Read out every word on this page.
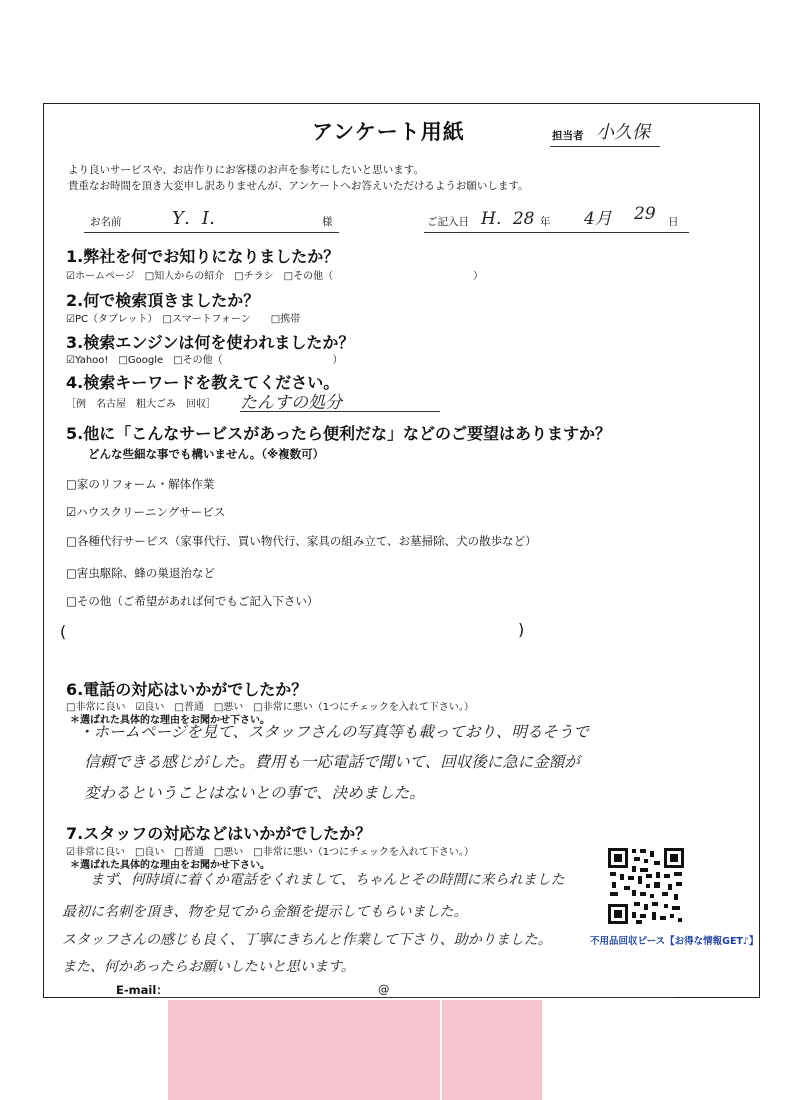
アンケート用紙	担当者 小久保
より良いサービスや、お店作りにお客様のお声を参考にしたいと思います。
貴重なお時間を頂き大変申し訳ありませんが、アンケートへお答えいただけるようお願いします。
お名前	Y．I．	様	ご記入日 H．28 年 4月 29 日
1.弊社を何でお知りになりましたか？
☑ホームページ　□知人からの紹介　□チラシ　□その他（　　　　　　　　　　　　　　）
2.何で検索頂きましたか？
☑PC（タブレット）　□スマートフォーン　　□携帯
3.検索エンジンは何を使われましたか？
☑Yahoo!　□Google　□その他（　　　　　　　　　　　）
4.検索キーワードを教えてください。
［例　名古屋　粗大ごみ　回収］ たんすの処分
5.他に「こんなサービスがあったら便利だな」などのご要望はありますか？
どんな些細な事でも構いません。（※複数可）
□家のリフォーム・解体作業
☑ハウスクリーニングサービス
□各種代行サービス（家事代行、買い物代行、家具の組み立て、お墓掃除、犬の散歩など）
□害虫駆除、蜂の巣退治など
□その他（ご希望があれば何でもご記入下さい）
(	)
6.電話の対応はいかがでしたか？
□非常に良い　☑良い　□普通　□悪い　□非常に悪い（1つにチェックを入れて下さい。）
＊選ばれた具体的な理由をお聞かせ下さい。
・ホームページを見て、スタッフさんの写真等も載っており、明るそうで
信頼できる感じがした。費用も一応電話で聞いて、回収後に急に金額が
変わるということはないとの事で、決めました。
7.スタッフの対応などはいかがでしたか？
☑非常に良い　□良い　□普通　□悪い　□非常に悪い（1つにチェックを入れて下さい。）
＊選ばれた具体的な理由をお聞かせ下さい。
まず、何時頃に着くか電話をくれまして、ちゃんとその時間に来られました
最初に名刺を頂き、物を見てから金額を提示してもらいました。
スタッフさんの感じも良く、丁寧にきちんと作業して下さり、助かりました。
また、何かあったらお願いしたいと思います。
不用品回収ピース【お得な情報GET♪】
E-mail：	@
